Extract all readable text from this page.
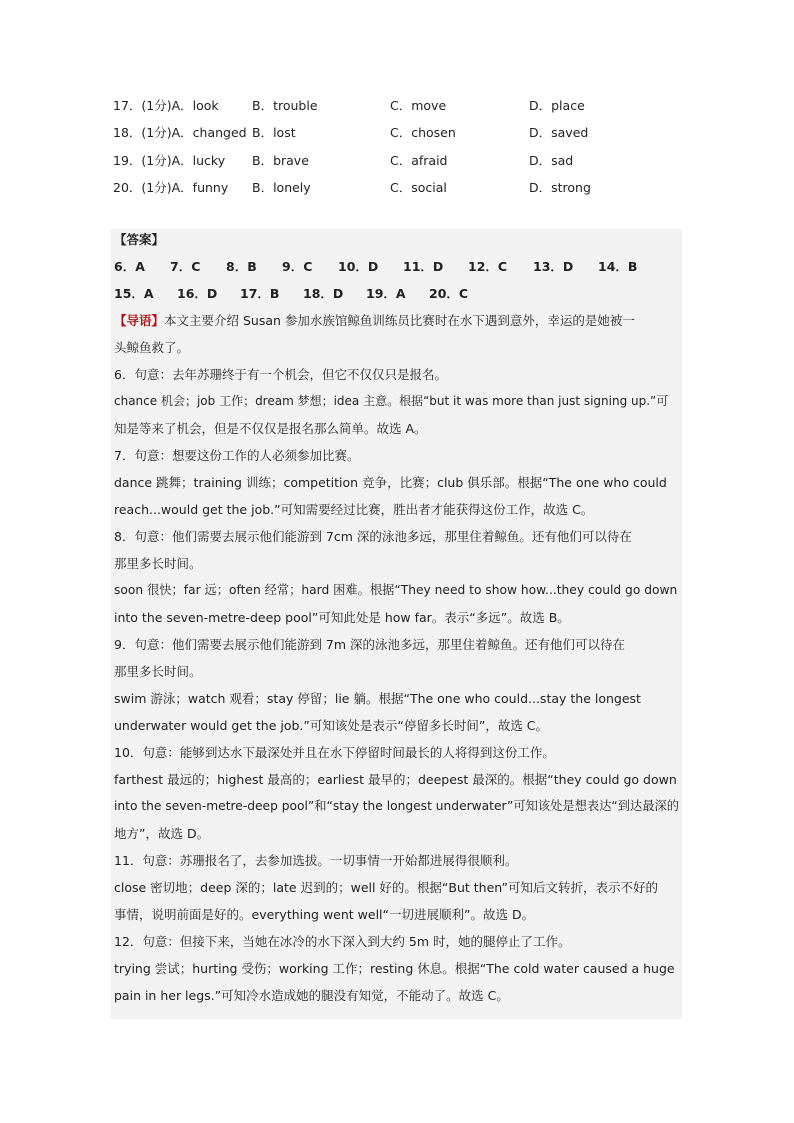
17．(1分)A．look	B．trouble	C．move	D．place
18．(1分)A．changed B．lost	C．chosen	D．saved
19．(1分)A．lucky B．brave	C．afraid	D．sad
20．(1分)A．funny B．lonely	C．social	D．strong
【答案】
6．A 7．C 8．B 9．C 10．D 11．D 12．C 13．D 14．B
15．A 16．D 17．B 18．D 19．A 20．C
【导语】本文主要介绍 Susan 参加水族馆鲸鱼训练员比赛时在水下遇到意外，幸运的是她被一
头鲸鱼救了。
6．句意：去年苏珊终于有一个机会，但它不仅仅只是报名。
chance 机会；job 工作；dream 梦想；idea 主意。根据“but it was more than just signing up.”可
知是等来了机会，但是不仅仅是报名那么简单。故选 A。
7．句意：想要这份工作的人必须参加比赛。
dance 跳舞；training 训练；competition 竞争，比赛；club 俱乐部。根据“The one who could
reach...would get the job.”可知需要经过比赛，胜出者才能获得这份工作，故选 C。
8．句意：他们需要去展示他们能游到 7cm 深的泳池多远，那里住着鲸鱼。还有他们可以待在
那里多长时间。
soon 很快；far 远；often 经常；hard 困难。根据“They need to show how...they could go down
into the seven-metre-deep pool”可知此处是 how far。表示“多远”。故选 B。
9．句意：他们需要去展示他们能游到 7m 深的泳池多远，那里住着鲸鱼。还有他们可以待在
那里多长时间。
swim 游泳；watch 观看；stay 停留；lie 躺。根据“The one who could...stay the longest
underwater would get the job.”可知该处是表示“停留多长时间”，故选 C。
10．句意：能够到达水下最深处并且在水下停留时间最长的人将得到这份工作。
farthest 最远的；highest 最高的；earliest 最早的；deepest 最深的。根据“they could go down
into the seven-metre-deep pool”和“stay the longest underwater”可知该处是想表达“到达最深的
地方”，故选 D。
11．句意：苏珊报名了，去参加选拔。一切事情一开始都进展得很顺利。
close 密切地；deep 深的；late 迟到的；well 好的。根据“But then”可知后文转折，表示不好的
事情，说明前面是好的。everything went well“一切进展顺利”。故选 D。
12．句意：但接下来，当她在冰冷的水下深入到大约 5m 时，她的腿停止了工作。
trying 尝试；hurting 受伤；working 工作；resting 休息。根据“The cold water caused a huge
pain in her legs.”可知冷水造成她的腿没有知觉，不能动了。故选 C。
